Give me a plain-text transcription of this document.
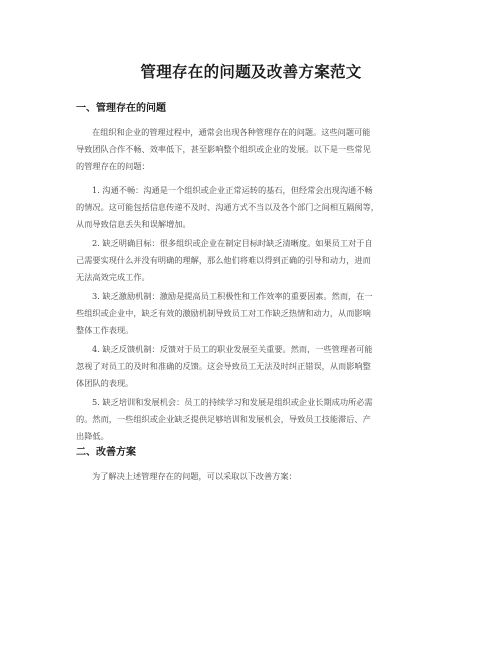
管理存在的问题及改善方案范文
一、管理存在的问题
在组织和企业的管理过程中，通常会出现各种管理存在的问题。这些问题可能
导致团队合作不畅、效率低下，甚至影响整个组织或企业的发展。以下是一些常见
的管理存在的问题：
1. 沟通不畅：沟通是一个组织或企业正常运转的基石，但经常会出现沟通不畅
的情况。这可能包括信息传递不及时、沟通方式不当以及各个部门之间相互隔阂等，
从而导致信息丢失和误解增加。
2. 缺乏明确目标：很多组织或企业在制定目标时缺乏清晰度。如果员工对于自
己需要实现什么并没有明确的理解，那么他们将难以得到正确的引导和动力，进而
无法高效完成工作。
3. 缺乏激励机制：激励是提高员工积极性和工作效率的重要因素。然而，在一
些组织或企业中，缺乏有效的激励机制导致员工对工作缺乏热情和动力，从而影响
整体工作表现。
4. 缺乏反馈机制：反馈对于员工的职业发展至关重要。然而，一些管理者可能
忽视了对员工的及时和准确的反馈。这会导致员工无法及时纠正错误，从而影响整
体团队的表现。
5. 缺乏培训和发展机会：员工的持续学习和发展是组织或企业长期成功所必需
的。然而，一些组织或企业缺乏提供足够培训和发展机会，导致员工技能滞后、产
出降低。
二、改善方案
为了解决上述管理存在的问题，可以采取以下改善方案：
